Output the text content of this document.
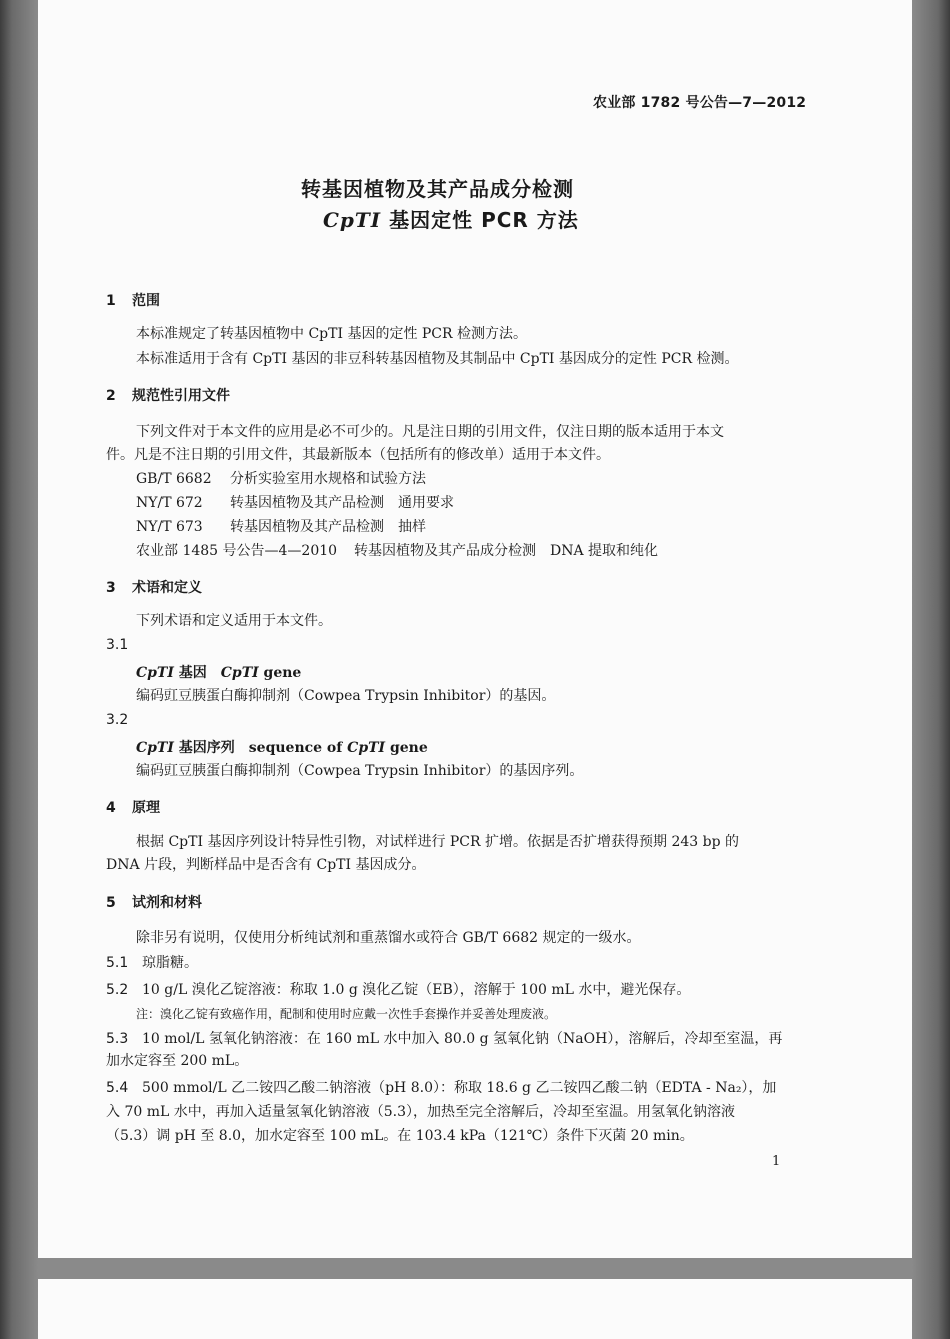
农业部 1782 号公告—7—2012
转基因植物及其产品成分检测
CpTI 基因定性 PCR 方法
1 范围
本标准规定了转基因植物中 CpTI 基因的定性 PCR 检测方法。
本标准适用于含有 CpTI 基因的非豆科转基因植物及其制品中 CpTI 基因成分的定性 PCR 检测。
2 规范性引用文件
下列文件对于本文件的应用是必不可少的。凡是注日期的引用文件，仅注日期的版本适用于本文
件。凡是不注日期的引用文件，其最新版本（包括所有的修改单）适用于本文件。
GB/T 6682 分析实验室用水规格和试验方法
NY/T 672 转基因植物及其产品检测　通用要求
NY/T 673 转基因植物及其产品检测　抽样
农业部 1485 号公告—4—2010 转基因植物及其产品成分检测　DNA 提取和纯化
3 术语和定义
下列术语和定义适用于本文件。
3.1
CpTI 基因　CpTI gene
编码豇豆胰蛋白酶抑制剂（Cowpea Trypsin Inhibitor）的基因。
3.2
CpTI 基因序列　sequence of CpTI gene
编码豇豆胰蛋白酶抑制剂（Cowpea Trypsin Inhibitor）的基因序列。
4 原理
根据 CpTI 基因序列设计特异性引物，对试样进行 PCR 扩增。依据是否扩增获得预期 243 bp 的
DNA 片段，判断样品中是否含有 CpTI 基因成分。
5 试剂和材料
除非另有说明，仅使用分析纯试剂和重蒸馏水或符合 GB/T 6682 规定的一级水。
5.1 琼脂糖。
5.2 10 g/L 溴化乙锭溶液：称取 1.0 g 溴化乙锭（EB），溶解于 100 mL 水中，避光保存。
注：溴化乙锭有致癌作用，配制和使用时应戴一次性手套操作并妥善处理废液。
5.3 10 mol/L 氢氧化钠溶液：在 160 mL 水中加入 80.0 g 氢氧化钠（NaOH），溶解后，冷却至室温，再
加水定容至 200 mL。
5.4 500 mmol/L 乙二铵四乙酸二钠溶液（pH 8.0）：称取 18.6 g 乙二铵四乙酸二钠（EDTA - Na₂），加
入 70 mL 水中，再加入适量氢氧化钠溶液（5.3），加热至完全溶解后，冷却至室温。用氢氧化钠溶液
（5.3）调 pH 至 8.0，加水定容至 100 mL。在 103.4 kPa（121℃）条件下灭菌 20 min。
1
